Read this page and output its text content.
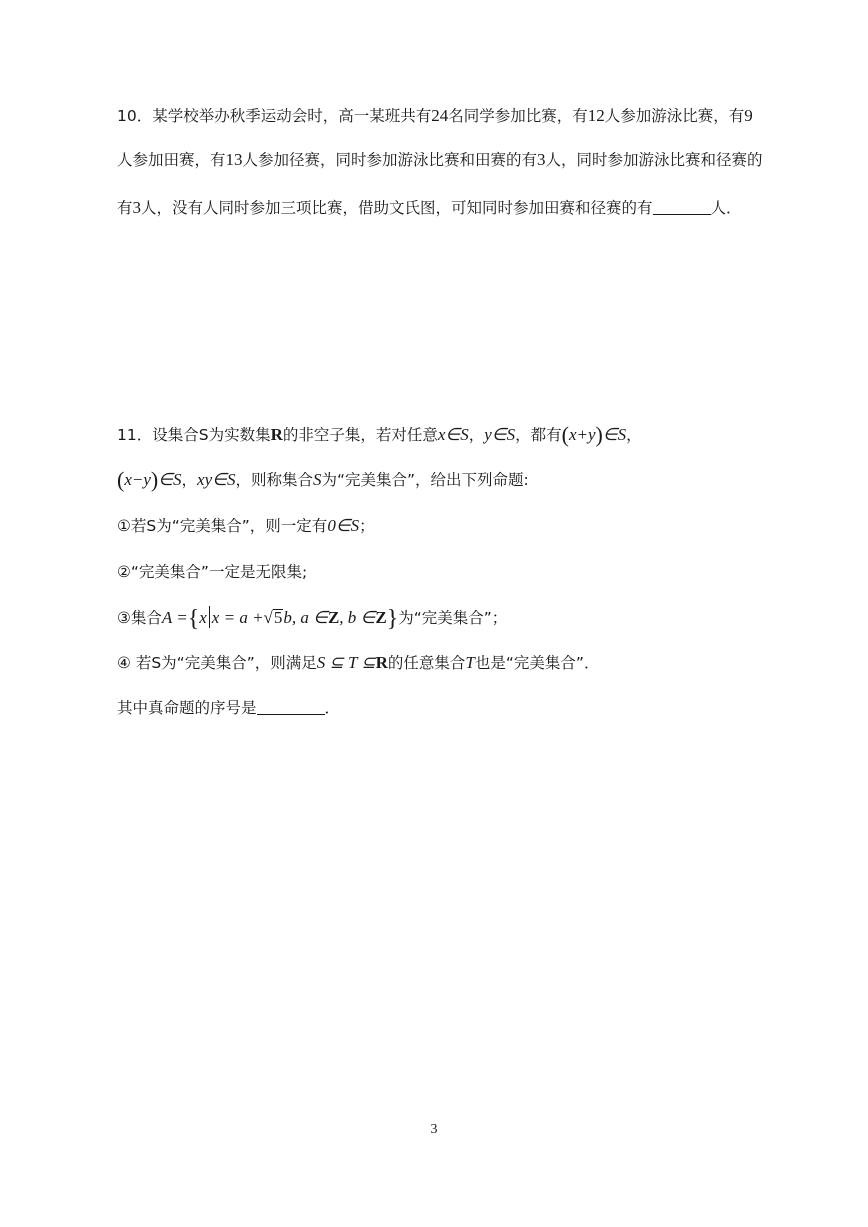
10．某学校举办秋季运动会时，高一某班共有24名同学参加比赛，有12人参加游泳比赛，有9
人参加田赛，有13人参加径赛，同时参加游泳比赛和田赛的有3人，同时参加游泳比赛和径赛的
有3人，没有人同时参加三项比赛，借助文氏图，可知同时参加田赛和径赛的有	人．
11．设集合S为实数集R的非空子集，若对任意x∈S，y∈S，都有(x+y)∈S，
(x−y)∈S，xy∈S，则称集合S为“完美集合”，给出下列命题:
①若S为“完美集合”，则一定有0∈S；
②“完美集合”一定是无限集;
③集合A ={x x = a +√5b, a ∈Z, b ∈Z}为“完美集合”；
④ 若S为“完美集合”，则满足S ⊆ T ⊆R的任意集合T也是“完美集合”．
其中真命题的序号是	．
3
